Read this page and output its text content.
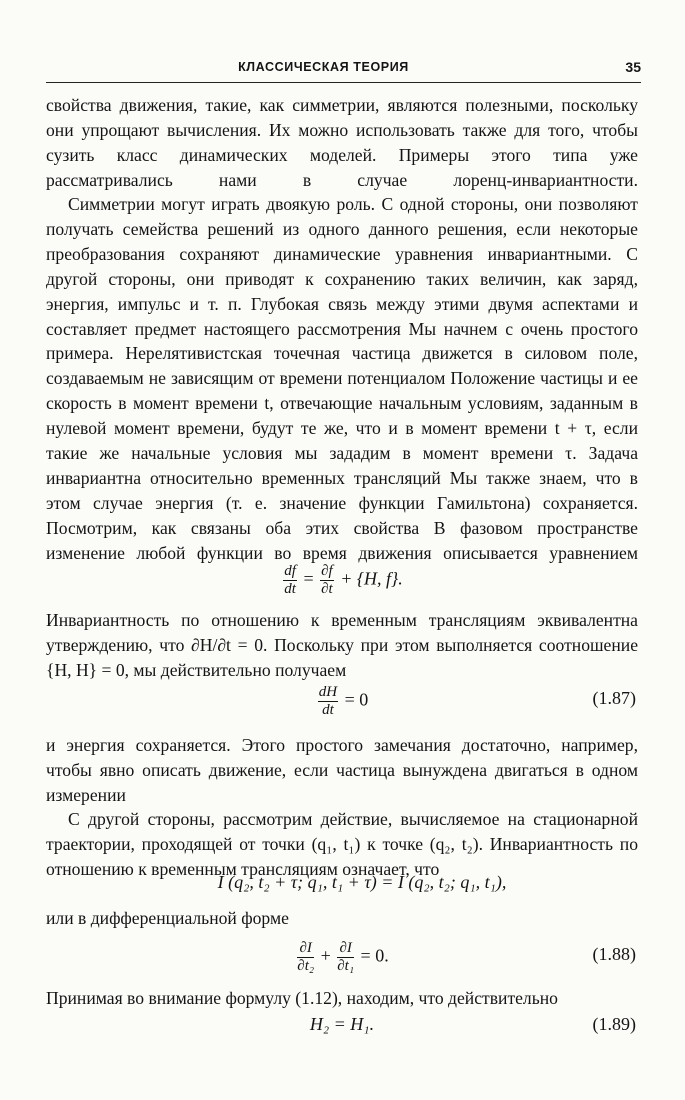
КЛАССИЧЕСКАЯ ТЕОРИЯ	35

свойства движения, такие, как симметрии, являются полезными, поскольку они упрощают вычисления. Их можно использовать также для того, чтобы сузить класс динамических моделей. Примеры этого типа уже рассматривались нами в случае лоренц-инвариантности.

Симметрии могут играть двоякую роль. С одной стороны, они позволяют получать семейства решений из одного данного решения, если некоторые преобразования сохраняют динамические уравнения инвариантными. С другой стороны, они приводят к сохранению таких величин, как заряд, энергия, импульс и т. п. Глубокая связь между этими двумя аспектами и составляет предмет настоящего рассмотрения Мы начнем с очень простого примера. Нерелятивистская точечная частица движется в силовом поле, создаваемым не зависящим от времени потенциалом Положение частицы и ее скорость в момент времени t, отвечающие начальным условиям, заданным в нулевой момент времени, будут те же, что и в момент времени t + τ, если такие же начальные условия мы зададим в момент времени τ. Задача инвариантна относительно временных трансляций Мы также знаем, что в этом случае энергия (т. е. значение функции Гамильтона) сохраняется. Посмотрим, как связаны оба этих свойства В фазовом пространстве изменение любой функции во время движения описывается уравнением

$\frac{df}{dt} = \frac{\partial f}{\partial t} + \{H$, f}.

Инвариантность по отношению к временным трансляциям эквивалентна утверждению, что ∂H/∂t = 0. Поскольку при этом выполняется соотношение {H, H} = 0, мы действительно получаем

$\frac{dH}{dt} = 0$	(1.87)

и энергия сохраняется. Этого простого замечания достаточно, например, чтобы явно описать движение, если частица вынуждена двигаться в одном измерении

С другой стороны, рассмотрим действие, вычисляемое на стационарной траектории, проходящей от точки (q₁, t₁) к точке (q₂, t₂). Инвариантность по отношению к временным трансляциям означает, что

I (q₂, t₂ + τ; q₁, t₁ + τ) = I (q₂, t₂; q₁, t₁),

или в дифференциальной форме

$\frac{\partial I}{\text{∂t₂}} + \frac{\partial I}{\text{∂t₁}} = 0$.	(1.88)

Принимая во внимание формулу (1.12), находим, что действительно

H₂ = H₁.	(1.89)
